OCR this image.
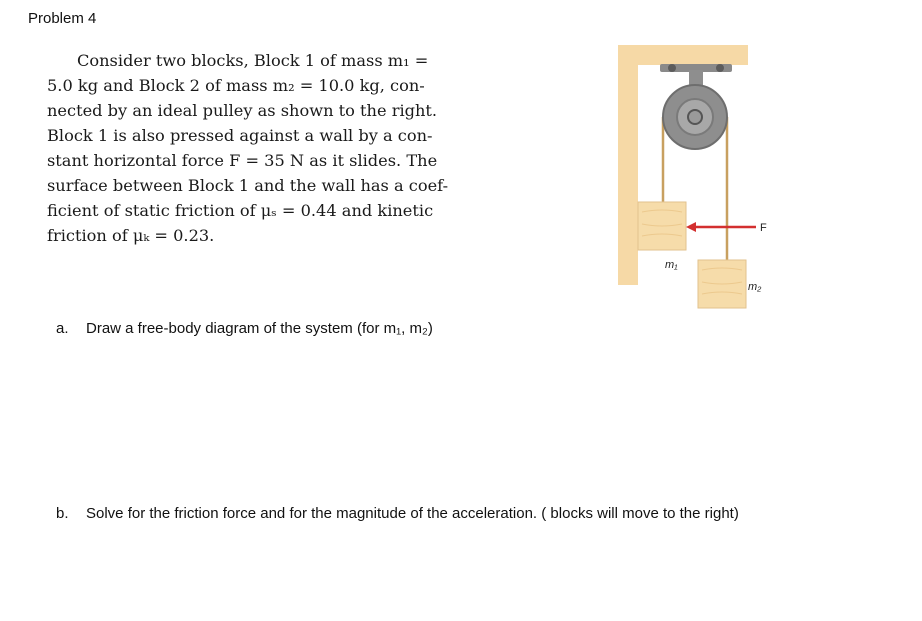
Problem 4
Consider two blocks, Block 1 of mass m₁ =
5.0 kg and Block 2 of mass m₂ = 10.0 kg, con-
nected by an ideal pulley as shown to the right.
Block 1 is also pressed against a wall by a con-
stant horizontal force F = 35 N as it slides. The
surface between Block 1 and the wall has a coef-
ficient of static friction of μₛ = 0.44 and kinetic
friction of μₖ = 0.23.	F
m₁
m₂
a. Draw a free-body diagram of the system (for m₁, m₂)
b. Solve for the friction force and for the magnitude of the acceleration. ( blocks will move to the right)
